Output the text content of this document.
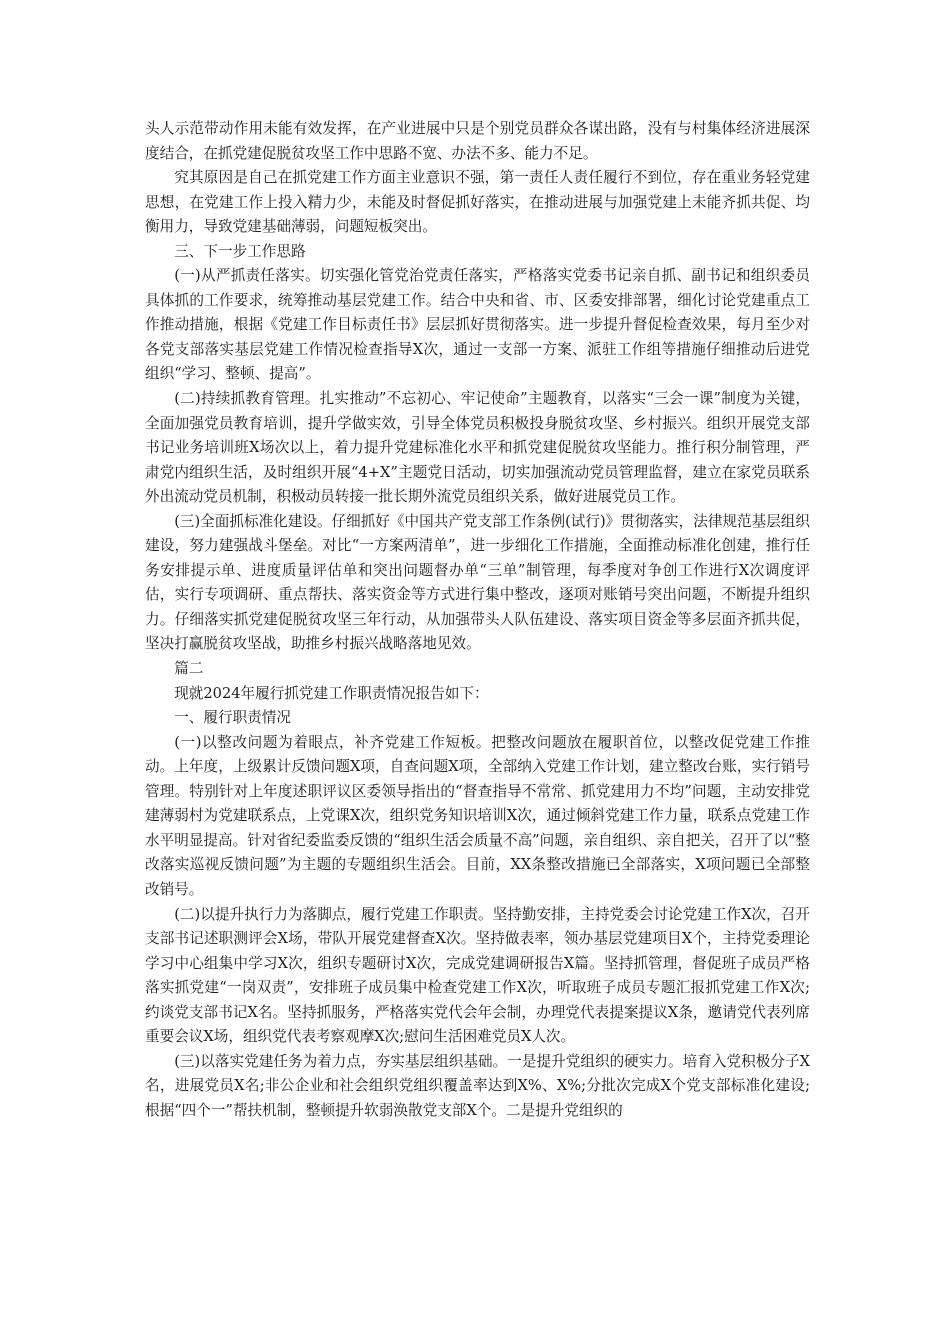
头人示范带动作用未能有效发挥，在产业进展中只是个别党员群众各谋出路，没有与村集体经济进展深度结合，在抓党建促脱贫攻坚工作中思路不宽、办法不多、能力不足。

究其原因是自己在抓党建工作方面主业意识不强，第一责任人责任履行不到位，存在重业务轻党建思想，在党建工作上投入精力少，未能及时督促抓好落实，在推动进展与加强党建上未能齐抓共促、均衡用力，导致党建基础薄弱，问题短板突出。

三、下一步工作思路

(一)从严抓责任落实。切实强化管党治党责任落实，严格落实党委书记亲自抓、副书记和组织委员具体抓的工作要求，统筹推动基层党建工作。结合中央和省、市、区委安排部署，细化讨论党建重点工作推动措施，根据《党建工作目标责任书》层层抓好贯彻落实。进一步提升督促检查效果，每月至少对各党支部落实基层党建工作情况检查指导X次，通过一支部一方案、派驻工作组等措施仔细推动后进党组织“学习、整顿、提高”。

(二)持续抓教育管理。扎实推动”不忘初心、牢记使命”主题教育，以落实“三会一课”制度为关键，全面加强党员教育培训，提升学做实效，引导全体党员积极投身脱贫攻坚、乡村振兴。组织开展党支部书记业务培训班X场次以上，着力提升党建标准化水平和抓党建促脱贫攻坚能力。推行积分制管理，严肃党内组织生活，及时组织开展“4+X”主题党日活动，切实加强流动党员管理监督，建立在家党员联系外出流动党员机制，积极动员转接一批长期外流党员组织关系，做好进展党员工作。

(三)全面抓标准化建设。仔细抓好《中国共产党支部工作条例(试行)》贯彻落实，法律规范基层组织建设，努力建强战斗堡垒。对比“一方案两清单”，进一步细化工作措施，全面推动标准化创建，推行任务安排提示单、进度质量评估单和突出问题督办单“三单”制管理，每季度对争创工作进行X次调度评估，实行专项调研、重点帮扶、落实资金等方式进行集中整改，逐项对账销号突出问题，不断提升组织力。仔细落实抓党建促脱贫攻坚三年行动，从加强带头人队伍建设、落实项目资金等多层面齐抓共促，坚决打赢脱贫攻坚战，助推乡村振兴战略落地见效。

篇二

现就2024年履行抓党建工作职责情况报告如下：

一、履行职责情况

(一)以整改问题为着眼点，补齐党建工作短板。把整改问题放在履职首位，以整改促党建工作推动。上年度，上级累计反馈问题X项，自查问题X项，全部纳入党建工作计划，建立整改台账，实行销号管理。特别针对上年度述职评议区委领导指出的“督查指导不常常、抓党建用力不均”问题，主动安排党建薄弱村为党建联系点，上党课X次，组织党务知识培训X次，通过倾斜党建工作力量，联系点党建工作水平明显提高。针对省纪委监委反馈的“组织生活会质量不高”问题，亲自组织、亲自把关，召开了以“整改落实巡视反馈问题”为主题的专题组织生活会。目前，XX条整改措施已全部落实，X项问题已全部整改销号。

(二)以提升执行力为落脚点，履行党建工作职责。坚持勤安排，主持党委会讨论党建工作X次，召开支部书记述职测评会X场，带队开展党建督查X次。坚持做表率，领办基层党建项目X个，主持党委理论学习中心组集中学习X次，组织专题研讨X次，完成党建调研报告X篇。坚持抓管理，督促班子成员严格落实抓党建“一岗双责”，安排班子成员集中检查党建工作X次，听取班子成员专题汇报抓党建工作X次;约谈党支部书记X名。坚持抓服务，严格落实党代会年会制，办理党代表提案提议X条，邀请党代表列席重要会议X场，组织党代表考察观摩X次;慰问生活困难党员X人次。

(三)以落实党建任务为着力点，夯实基层组织基础。一是提升党组织的硬实力。培育入党积极分子X名，进展党员X名;非公企业和社会组织党组织覆盖率达到X%、X%;分批次完成X个党支部标准化建设;根据“四个一”帮扶机制，整顿提升软弱涣散党支部X个。二是提升党组织的
